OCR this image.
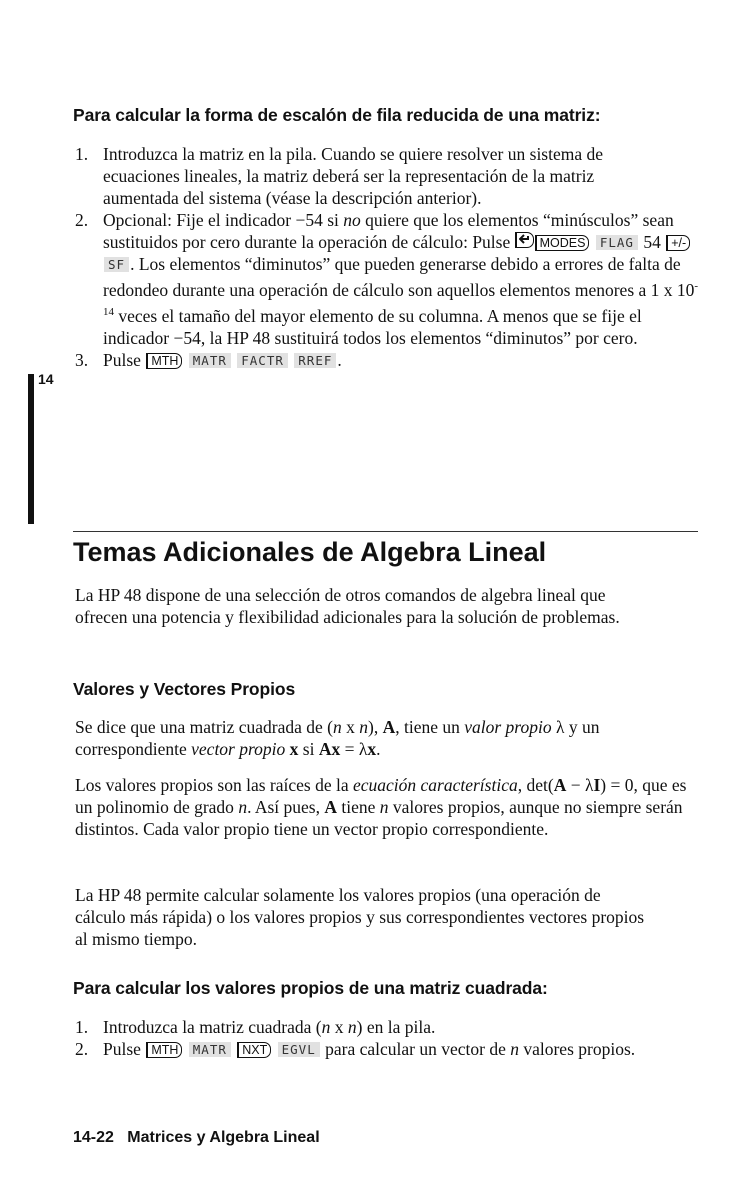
Para calcular la forma de escalón de fila reducida de una matriz:
1. Introduzca la matriz en la pila. Cuando se quiere resolver un sistema de ecuaciones lineales, la matriz deberá ser la representación de la matriz aumentada del sistema (véase la descripción anterior).
2. Opcional: Fije el indicador −54 si no quiere que los elementos “minúsculos” sean sustituidos por cero durante la operación de cálculo: Pulse
MODES FLAG 54 +/- SF . Los elementos “diminutos” que pueden generarse debido a errores de falta de redondeo durante una operación de cálculo son aquellos elementos menores a 1 x $10^{-14}$ veces el tamaño del mayor elemento de su columna. A menos que se fije el indicador −54, la HP 48 sustituirá todos los elementos “diminutos” por cero.
3. Pulse MTH MATR FACTR RREF .
14
Temas Adicionales de Algebra Lineal

La HP 48 dispone de una selección de otros comandos de algebra lineal que ofrecen una potencia y flexibilidad adicionales para la solución de problemas.

Valores y Vectores Propios

Se dice que una matriz cuadrada de (n x n), A, tiene un valor propio λ y un correspondiente vector propio x si Ax = λx.

Los valores propios son las raíces de la ecuación característica, det(A − λI) = 0, que es un polinomio de grado n. Así pues, A tiene n valores propios, aunque no siempre serán distintos. Cada valor propio tiene un vector propio correspondiente.

La HP 48 permite calcular solamente los valores propios (una operación de cálculo más rápida) o los valores propios y sus correspondientes vectores propios al mismo tiempo.

Para calcular los valores propios de una matriz cuadrada:
1. Introduzca la matriz cuadrada (n x n) en la pila.
2. Pulse MTH MATR NXT EGVL para calcular un vector de n valores propios.
14-22 Matrices y Algebra Lineal
